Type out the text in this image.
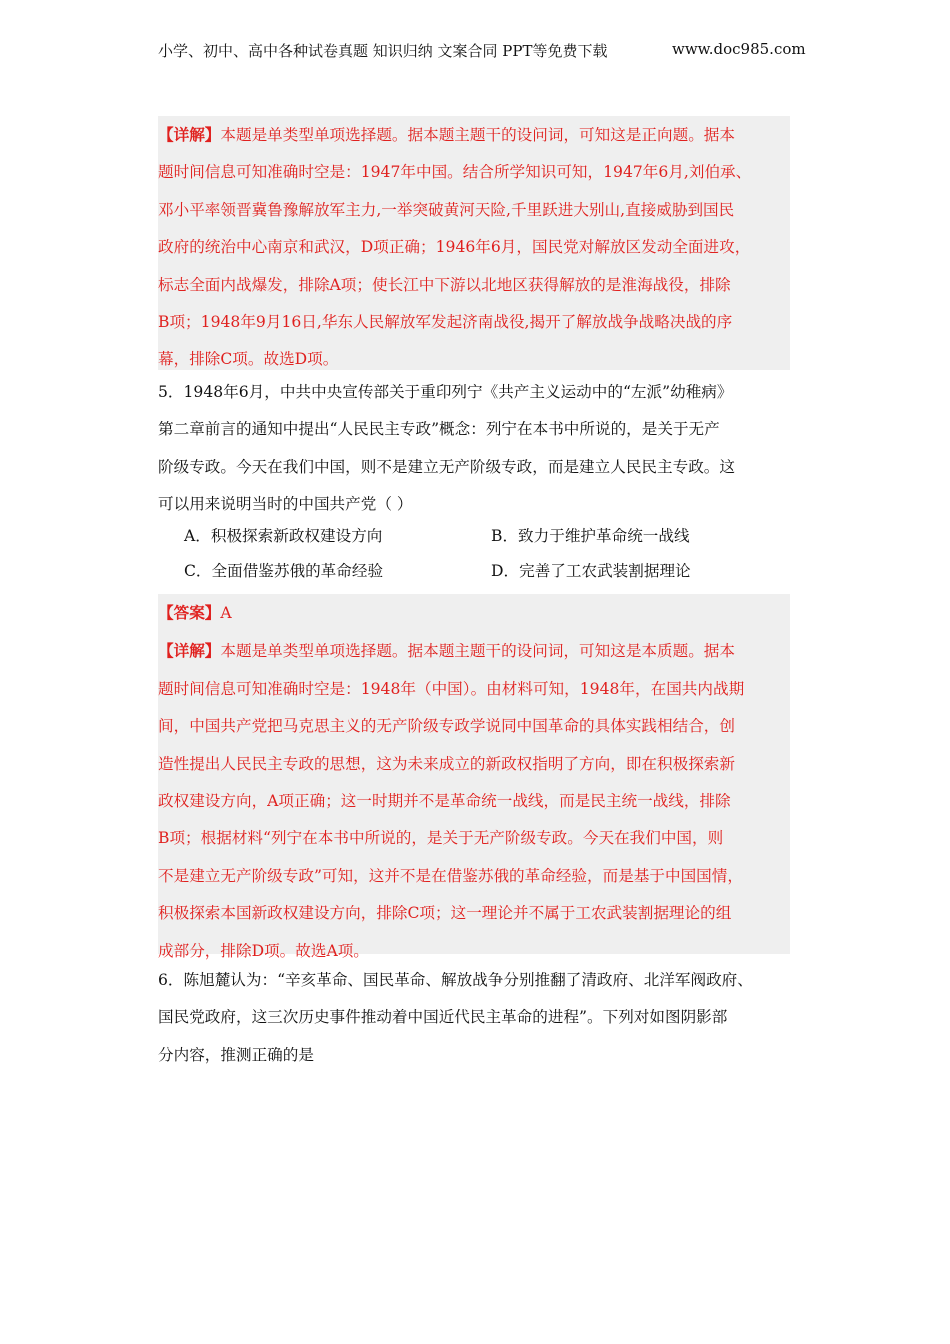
小学、初中、高中各种试卷真题 知识归纳 文案合同 PPT等免费下载	www.doc985.com
【详解】本题是单类型单项选择题。据本题主题干的设问词，可知这是正向题。据本
题时间信息可知准确时空是：1947年中国。结合所学知识可知，1947年6月,刘伯承、
邓小平率领晋冀鲁豫解放军主力,一举突破黄河天险,千里跃进大别山,直接威胁到国民
政府的统治中心南京和武汉，D项正确；1946年6月，国民党对解放区发动全面进攻，
标志全面内战爆发，排除A项；使长江中下游以北地区获得解放的是淮海战役，排除
B项；1948年9月16日,华东人民解放军发起济南战役,揭开了解放战争战略决战的序
幕，排除C项。故选D项。
5．1948年6月，中共中央宣传部关于重印列宁《共产主义运动中的“左派”幼稚病》
第二章前言的通知中提出“人民民主专政”概念：列宁在本书中所说的，是关于无产
阶级专政。今天在我们中国，则不是建立无产阶级专政，而是建立人民民主专政。这
可以用来说明当时的中国共产党（ ）
A．积极探索新政权建设方向	B．致力于维护革命统一战线
C．全面借鉴苏俄的革命经验	D．完善了工农武装割据理论
【答案】A
【详解】本题是单类型单项选择题。据本题主题干的设问词，可知这是本质题。据本
题时间信息可知准确时空是：1948年（中国）。由材料可知，1948年，在国共内战期
间，中国共产党把马克思主义的无产阶级专政学说同中国革命的具体实践相结合，创
造性提出人民民主专政的思想，这为未来成立的新政权指明了方向，即在积极探索新
政权建设方向，A项正确；这一时期并不是革命统一战线，而是民主统一战线，排除
B项；根据材料“列宁在本书中所说的，是关于无产阶级专政。今天在我们中国，则
不是建立无产阶级专政”可知，这并不是在借鉴苏俄的革命经验，而是基于中国国情，
积极探索本国新政权建设方向，排除C项；这一理论并不属于工农武装割据理论的组
成部分，排除D项。故选A项。
6．陈旭麓认为：“辛亥革命、国民革命、解放战争分别推翻了清政府、北洋军阀政府、
国民党政府，这三次历史事件推动着中国近代民主革命的进程”。下列对如图阴影部
分内容，推测正确的是
